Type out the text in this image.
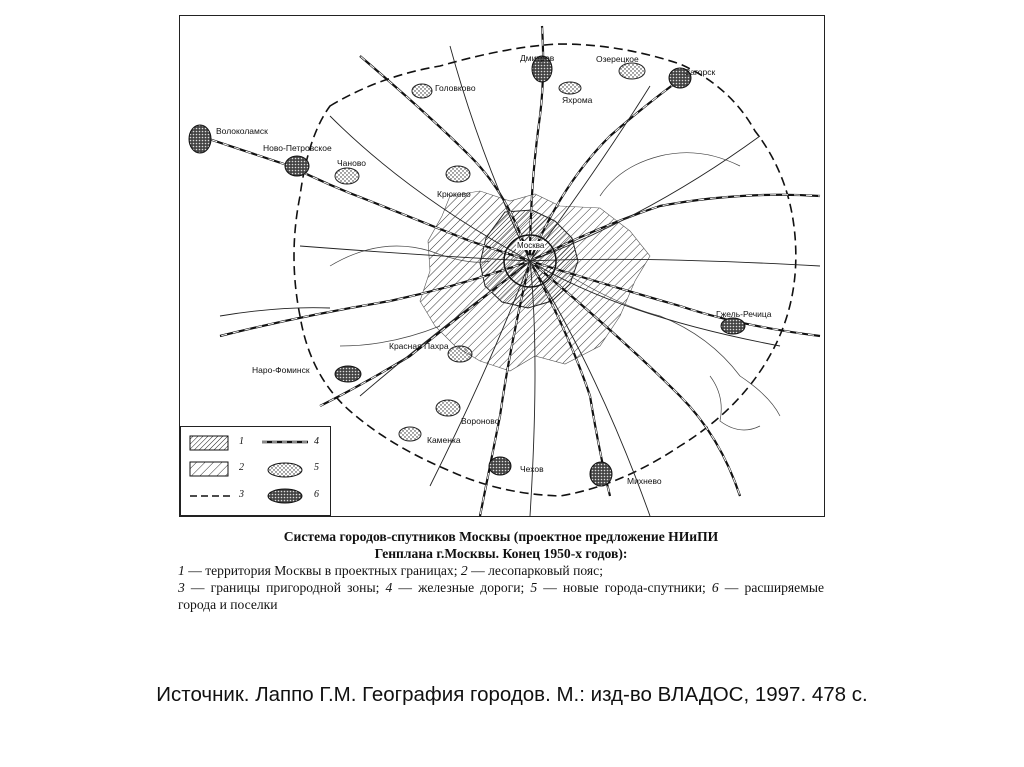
Москва
Дмитров	Озерецкое
Загорск
Головково
Яхрома
Волоколамск
Ново-Петровское
Чаново
Крюково
Гжель-Речица
Красная Пахра
Наро-Фоминск
Вороново
Каменка
Чехов
Михнево
1
2
3
4
5
6
Система городов-спутников Москвы (проектное предложение НИиПИ
Генплана г.Москвы. Конец 1950-х годов):
1 — территория Москвы в проектных границах; 2 — лесопарковый пояс;
3 — границы пригородной зоны; 4 — железные дороги; 5 — новые города-спутники; 6 — расширяемые города и поселки
Источник. Лаппо Г.М. География городов. М.: изд-во ВЛАДОС, 1997. 478 с.
